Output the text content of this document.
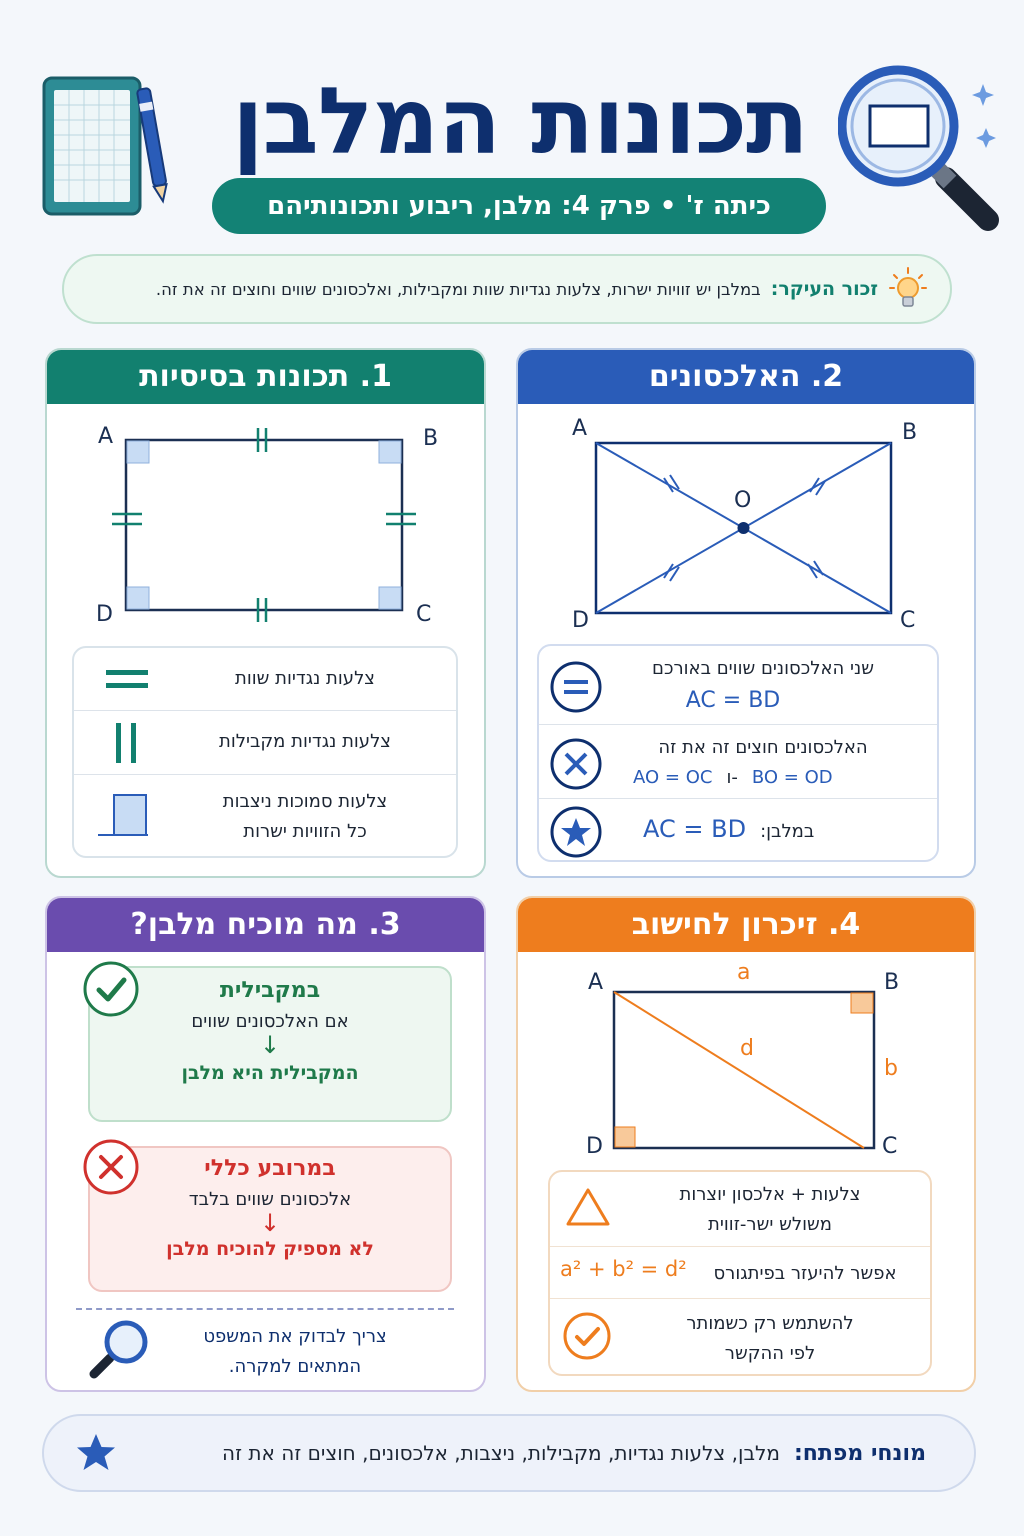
תכונות המלבן
כיתה ז' • פרק 4: מלבן, ריבוע ותכונותיהם
זכור העיקר:
במלבן יש זוויות ישרות, צלעות נגדיות שוות ומקבילות, ואלכסונים שווים וחוצים זה את זה.
1. תכונות בסיסיות
A	B
C
D
צלעות נגדיות שוות
צלעות נגדיות מקבילות
צלעות סמוכות ניצבות
כל הזוויות ישרות
2. האלכסונים
A	B
C
D
O
שני האלכסונים שווים באורכם
AC = BD
האלכסונים חוצים זה את זה
AO = OC ו- BO = OD
AC = BD במלבן:
3. מה מוכיח מלבן?
במקבילית
אם האלכסונים שווים
↓
המקבילית היא מלבן
במרובע כללי
אלכסונים שווים בלבד
↓
לא מספיק להוכיח מלבן
צריך לבדוק את המשפט
המתאים למקרה.
4. זיכרון לחישוב
A	B
C
D
a
b
d
צלעות + אלכסון יוצרות
משולש ישר-זווית
a² + b² = d²	אפשר להיעזר בפיתגורס
להשתמש רק כשמותר
לפי ההקשר
מונחי מפתח:
מלבן, צלעות נגדיות, מקבילות, ניצבות, אלכסונים, חוצים זה את זה
